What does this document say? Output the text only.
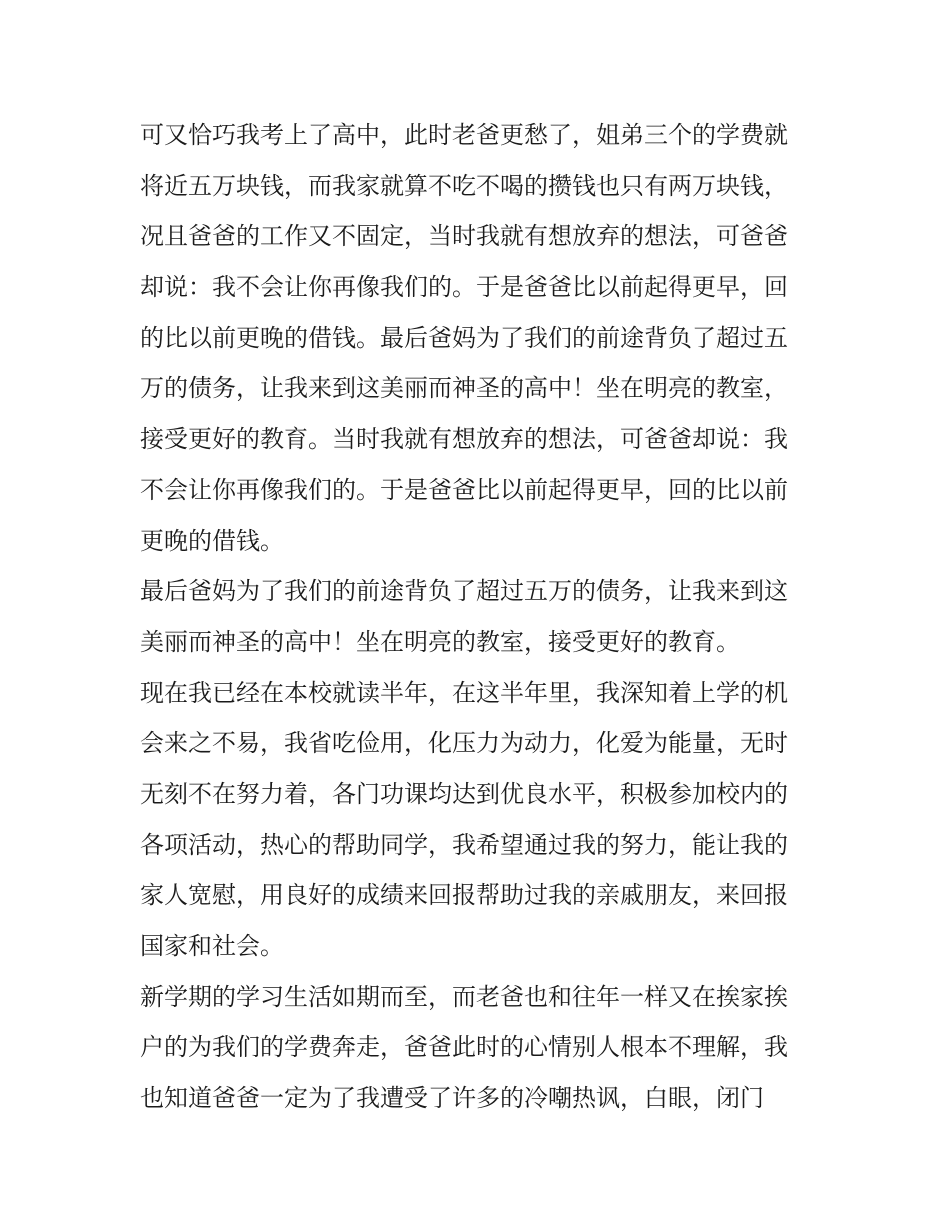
可又恰巧我考上了高中，此时老爸更愁了，姐弟三个的学费就
将近五万块钱，而我家就算不吃不喝的攒钱也只有两万块钱，
况且爸爸的工作又不固定，当时我就有想放弃的想法，可爸爸
却说：我不会让你再像我们的。于是爸爸比以前起得更早，回
的比以前更晚的借钱。最后爸妈为了我们的前途背负了超过五
万的债务，让我来到这美丽而神圣的高中！坐在明亮的教室，
接受更好的教育。当时我就有想放弃的想法，可爸爸却说：我
不会让你再像我们的。于是爸爸比以前起得更早，回的比以前
更晚的借钱。
最后爸妈为了我们的前途背负了超过五万的债务，让我来到这
美丽而神圣的高中！坐在明亮的教室，接受更好的教育。
现在我已经在本校就读半年，在这半年里，我深知着上学的机
会来之不易，我省吃俭用，化压力为动力，化爱为能量，无时
无刻不在努力着，各门功课均达到优良水平，积极参加校内的
各项活动，热心的帮助同学，我希望通过我的努力，能让我的
家人宽慰，用良好的成绩来回报帮助过我的亲戚朋友，来回报
国家和社会。
新学期的学习生活如期而至，而老爸也和往年一样又在挨家挨
户的为我们的学费奔走，爸爸此时的心情别人根本不理解，我
也知道爸爸一定为了我遭受了许多的冷嘲热讽，白眼，闭门
